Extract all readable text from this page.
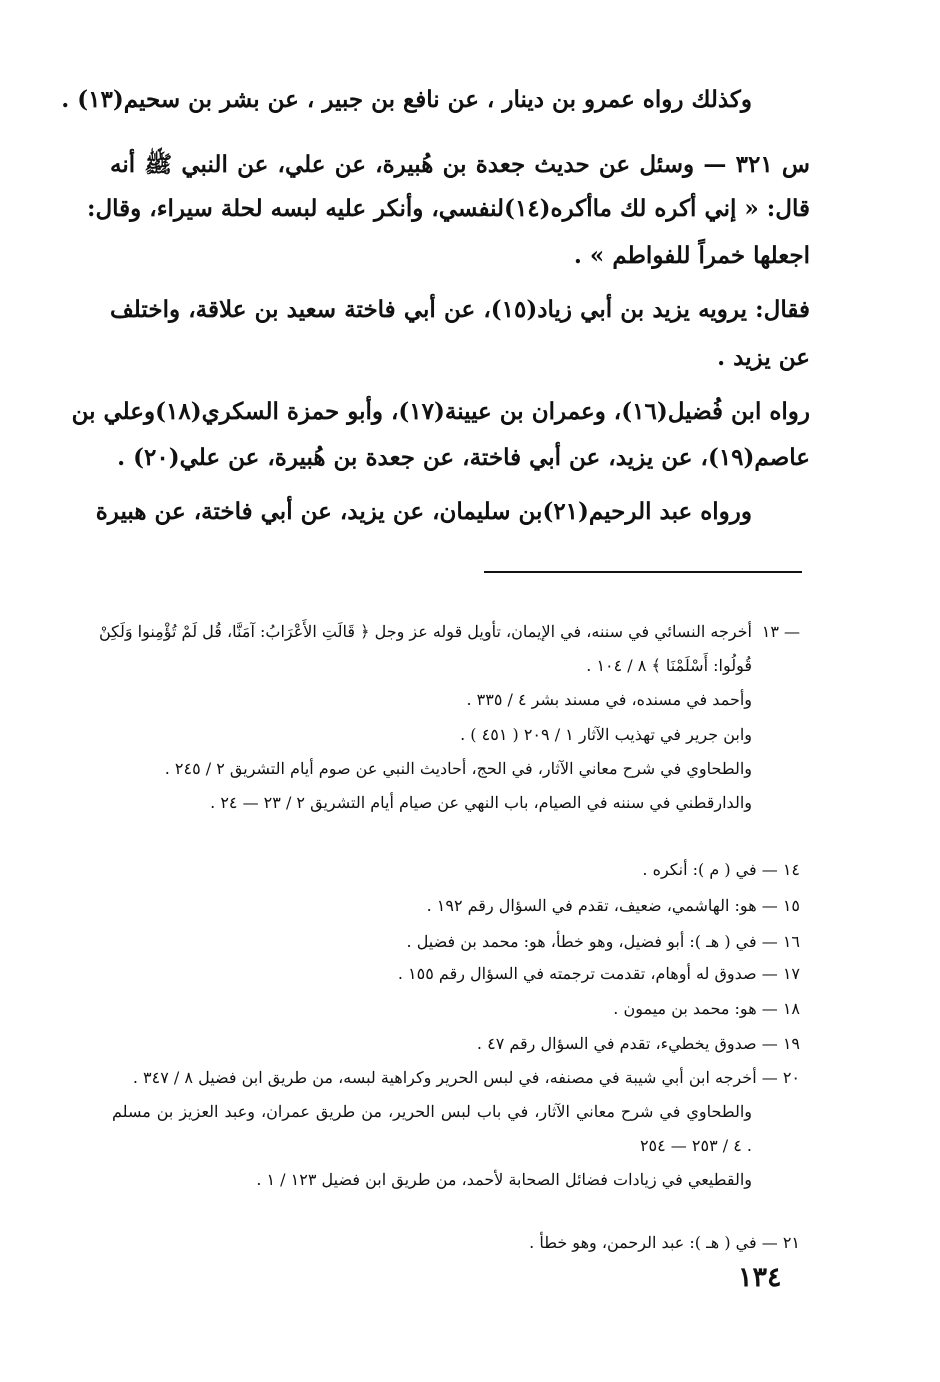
وكذلك رواه عمرو بن دينار ، عن نافع بن جبير ، عن بشر بن سحيم(١٣) .
س ٣٢١ — وسئل عن حديث جعدة بن هُبيرة، عن علي، عن النبي ﷺ أنه
قال: « إني أكره لك ماأكره(١٤)لنفسي، وأنكر عليه لبسه لحلة سيراء، وقال:
اجعلها خمراً للفواطم » .
فقال: يرويه يزيد بن أبي زياد(١٥)، عن أبي فاختة سعيد بن علاقة، واختلف
عن يزيد .
رواه ابن فُضيل(١٦)، وعمران بن عيينة(١٧)، وأبو حمزة السكري(١٨)وعلي بن
عاصم(١٩)، عن يزيد، عن أبي فاختة، عن جعدة بن هُبيرة، عن علي(٢٠) .
ورواه عبد الرحيم(٢١)بن سليمان، عن يزيد، عن أبي فاختة، عن هبيرة
١٣ —
أخرجه النسائي في سننه، في الإيمان، تأويل قوله عز وجل ﴿ قَالَتِ الأَعْرَابُ: آمَنَّا، قُل لَمْ تُؤْمِنوا وَلَكِنْ
قُولُوا: أَسْلَمْنَا ﴾ ٨ / ١٠٤ .
وأحمد في مسنده، في مسند بشر ٤ / ٣٣٥ .
وابن جرير في تهذيب الآثار ١ / ٢٠٩ ( ٤٥١ ) .
والطحاوي في شرح معاني الآثار، في الحج، أحاديث النبي عن صوم أيام التشريق ٢ / ٢٤٥ .
والدارقطني في سننه في الصيام، باب النهي عن صيام أيام التشريق ٢ / ٢٣ — ٢٤ .
١٤ — في ( م ): أنكره .
١٥ — هو: الهاشمي، ضعيف، تقدم في السؤال رقم ١٩٢ .
١٦ — في ( هـ ): أبو فضيل، وهو خطأ، هو: محمد بن فضيل .
١٧ — صدوق له أوهام، تقدمت ترجمته في السؤال رقم ١٥٥ .
١٨ — هو: محمد بن ميمون .
١٩ — صدوق يخطيء، تقدم في السؤال رقم ٤٧ .
٢٠ — أخرجه ابن أبي شيبة في مصنفه، في لبس الحرير وكراهية لبسه، من طريق ابن فضيل ٨ / ٣٤٧ .
والطحاوي في شرح معاني الآثار، في باب لبس الحرير، من طريق عمران، وعبد العزيز بن مسلم
٤ / ٢٥٣ — ٢٥٤ .
والقطيعي في زيادات فضائل الصحابة لأحمد، من طريق ابن فضيل ١٢٣ / ١ .
٢١ — في ( هـ ): عبد الرحمن، وهو خطأ .
١٣٤
